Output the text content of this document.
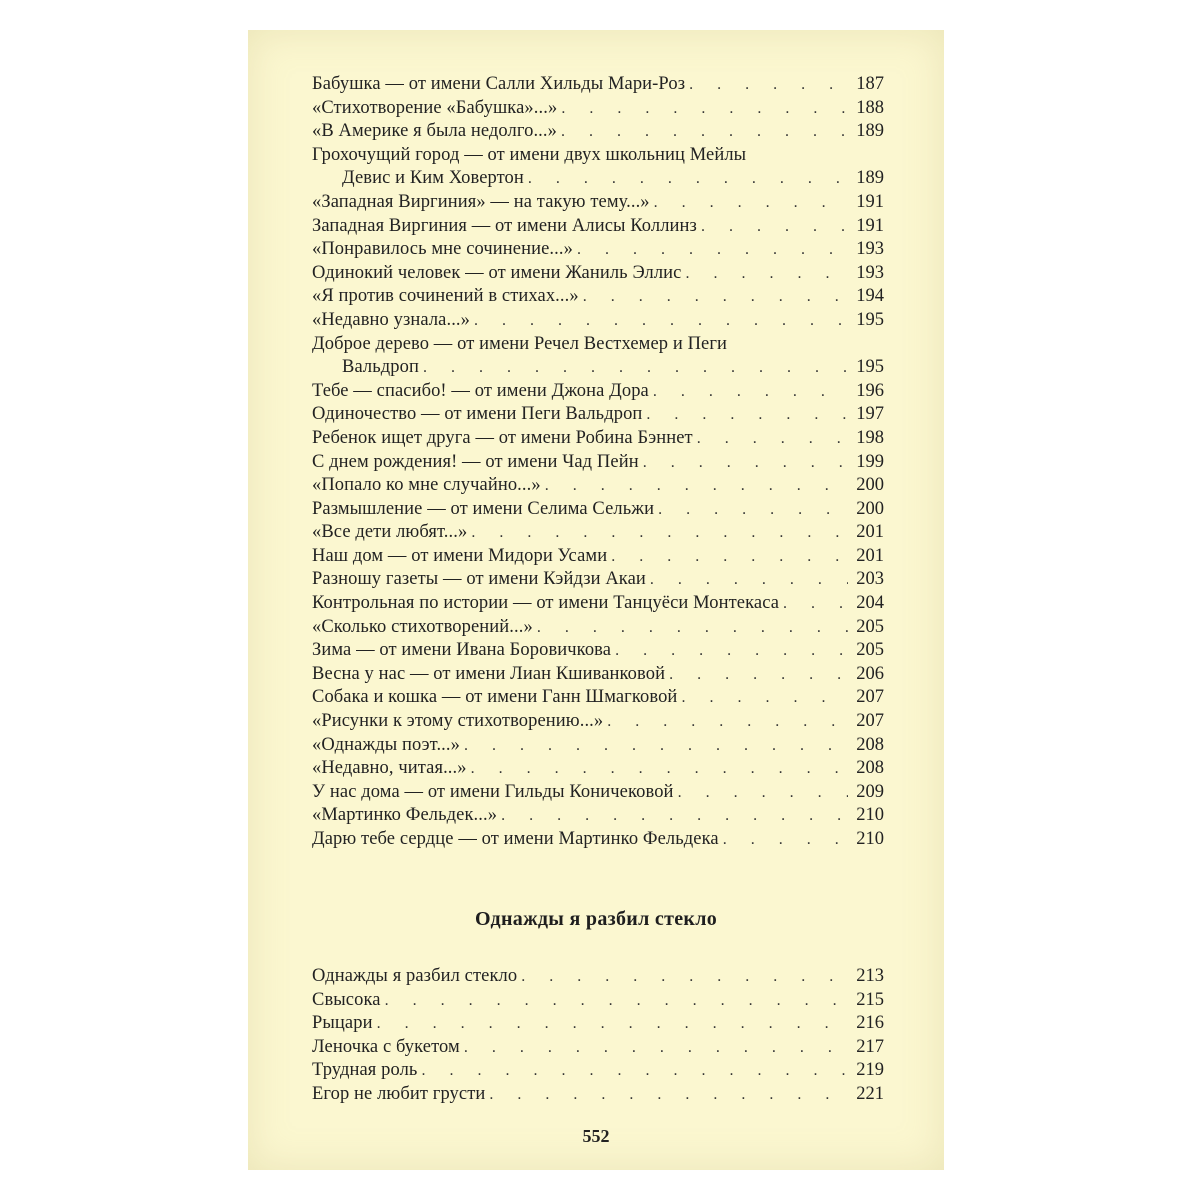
Бабушка — от имени Салли Хильды Мари-Роз . . .	187
«Стихотворение «Бабушка»...» . . .	188
«В Америке я была недолго...» . . .	189
Грохочущий город — от имени двух школьниц Мейлы
Девис и Ким Ховертон . . .	189
«Западная Виргиния» — на такую тему...» . . .	191
Западная Виргиния — от имени Алисы Коллинз . . .	191
«Понравилось мне сочинение...» . . .	193
Одинокий человек — от имени Жаниль Эллис . . .	193
«Я против сочинений в стихах...» . . .	194
«Недавно узнала...» . . .	195
Доброе дерево — от имени Речел Вестхемер и Пеги
Вальдроп . . .	195
Тебе — спасибо! — от имени Джона Дора . . .	196
Одиночество — от имени Пеги Вальдроп . . .	197
Ребенок ищет друга — от имени Робина Бэннет . . .	198
С днем рождения! — от имени Чад Пейн . . .	199
«Попало ко мне случайно...» . . .	200
Размышление — от имени Селима Сельжи . . .	200
«Все дети любят...» . . .	201
Наш дом — от имени Мидори Усами . . .	201
Разношу газеты — от имени Кэйдзи Акаи . . .	203
Контрольная по истории — от имени Танцуёси Монтекаса . . .	204
«Сколько стихотворений...» . . .	205
Зима — от имени Ивана Боровичкова . . .	205
Весна у нас — от имени Лиан Кшиванковой . . .	206
Собака и кошка — от имени Ганн Шмагковой . . .	207
«Рисунки к этому стихотворению...» . . .	207
«Однажды поэт...» . . .	208
«Недавно, читая...» . . .	208
У нас дома — от имени Гильды Коничековой . . .	209
«Мартинко Фельдек...» . . .	210
Дарю тебе сердце — от имени Мартинко Фельдека . . .	210
Однажды я разбил стекло
Однажды я разбил стекло . . .	213
Свысока . . .	215
Рыцари . . .	216
Леночка с букетом . . .	217
Трудная роль . . .	219
Егор не любит грусти . . .	221
552
